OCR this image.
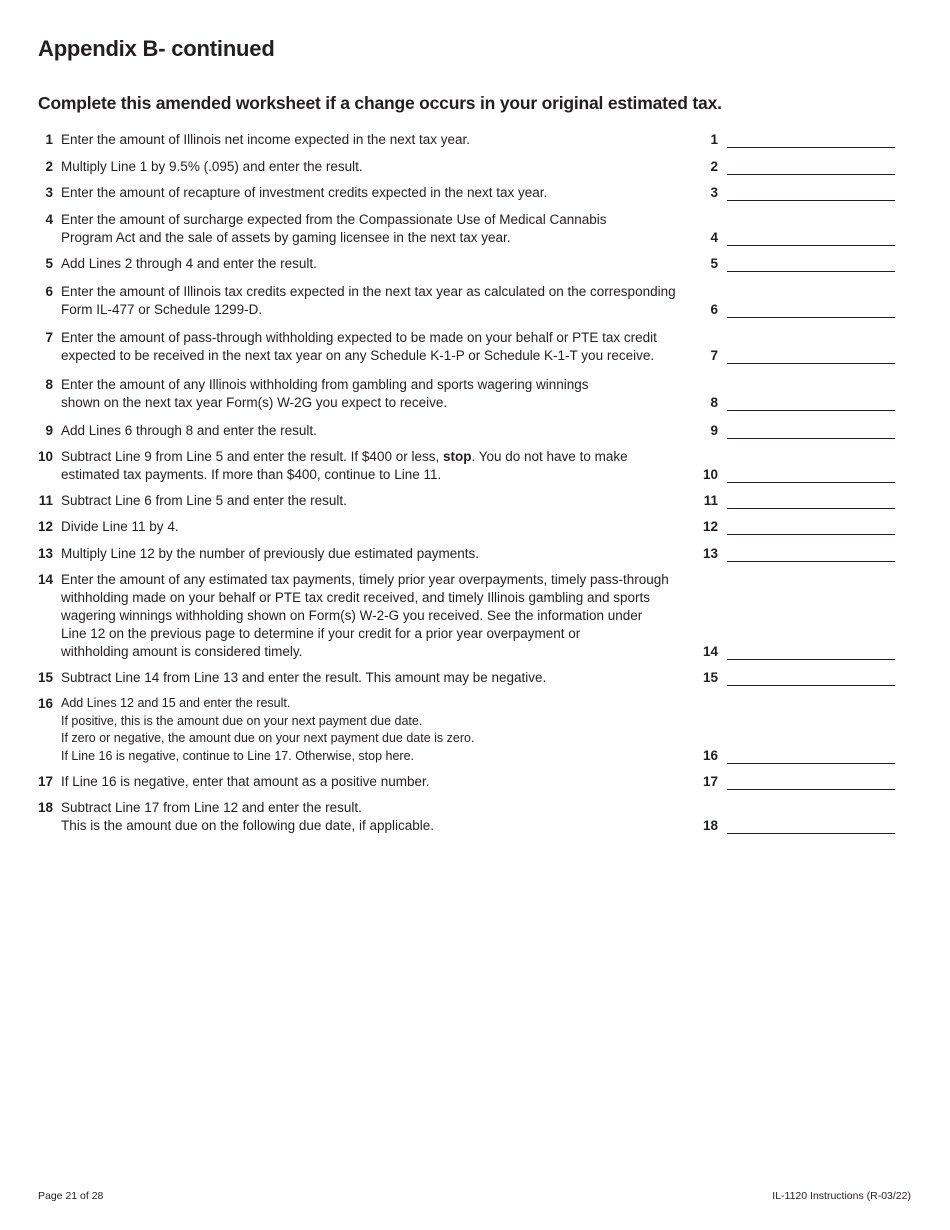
Appendix B- continued
Complete this amended worksheet if a change occurs in your original estimated tax.
1 Enter the amount of Illinois net income expected in the next tax year.	1
2 Multiply Line 1 by 9.5% (.095) and enter the result.	2
3 Enter the amount of recapture of investment credits expected in the next tax year.	3
4 Enter the amount of surcharge expected from the Compassionate Use of Medical Cannabis
Program Act and the sale of assets by gaming licensee in the next tax year.	4
5 Add Lines 2 through 4 and enter the result.	5
6 Enter the amount of Illinois tax credits expected in the next tax year as calculated on the corresponding
Form IL-477 or Schedule 1299-D.	6
7 Enter the amount of pass-through withholding expected to be made on your behalf or PTE tax credit
expected to be received in the next tax year on any Schedule K-1-P or Schedule K-1-T you receive.	7
8 Enter the amount of any Illinois withholding from gambling and sports wagering winnings
shown on the next tax year Form(s) W-2G you expect to receive.	8
9 Add Lines 6 through 8 and enter the result.	9
10 Subtract Line 9 from Line 5 and enter the result. If $400 or less, stop. You do not have to make
estimated tax payments. If more than $400, continue to Line 11.	10
11 Subtract Line 6 from Line 5 and enter the result.	11
12 Divide Line 11 by 4.	12
13 Multiply Line 12 by the number of previously due estimated payments.	13
14 Enter the amount of any estimated tax payments, timely prior year overpayments, timely pass-through
withholding made on your behalf or PTE tax credit received, and timely Illinois gambling and sports
wagering winnings withholding shown on Form(s) W-2-G you received. See the information under
Line 12 on the previous page to determine if your credit for a prior year overpayment or
withholding amount is considered timely.	14
15 Subtract Line 14 from Line 13 and enter the result. This amount may be negative.	15
16 Add Lines 12 and 15 and enter the result.
If positive, this is the amount due on your next payment due date.
If zero or negative, the amount due on your next payment due date is zero.
If Line 16 is negative, continue to Line 17. Otherwise, stop here.	16
17 If Line 16 is negative, enter that amount as a positive number.	17
18 Subtract Line 17 from Line 12 and enter the result.
This is the amount due on the following due date, if applicable.	18
Page 21 of 28	IL-1120 Instructions (R-03/22)
